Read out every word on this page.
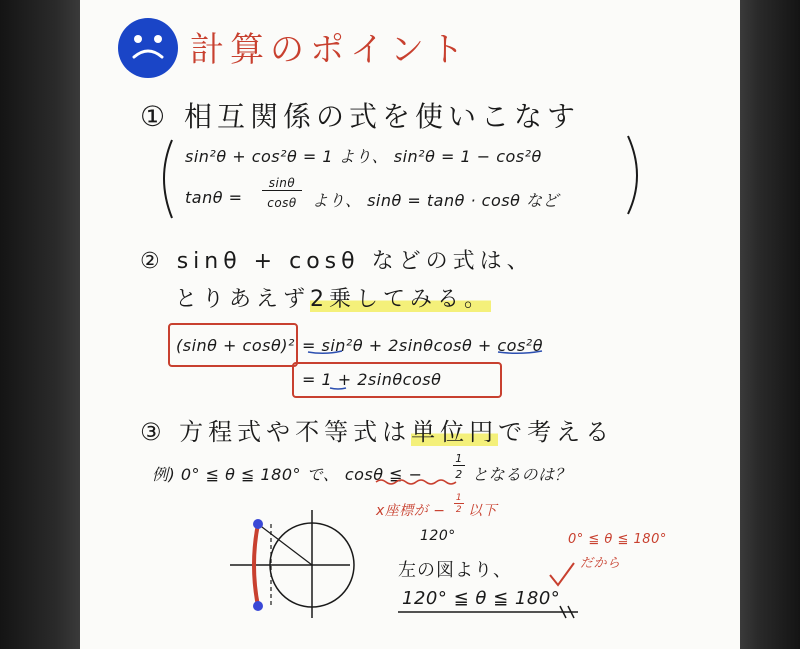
計算のポイント
① 相互関係の式を使いこなす
sin²θ + cos²θ = 1 より、 sin²θ = 1 − cos²θ
tanθ =
sinθ
cosθ より、 sinθ = tanθ · cosθ など
② sinθ + cosθ などの式は、
とりあえず2乗してみる。
(sinθ + cosθ)² = sin²θ + 2sinθcosθ + cos²θ
= 1 + 2sinθcosθ
③ 方程式や不等式は単位円で考える
例) 0° ≦ θ ≦ 180° で、 cosθ ≦ −
1
2 となるのは？
x座標が −
1
2 以下
120°	0° ≦ θ ≦ 180°
だから
左の図より、
120° ≦ θ ≦ 180°
